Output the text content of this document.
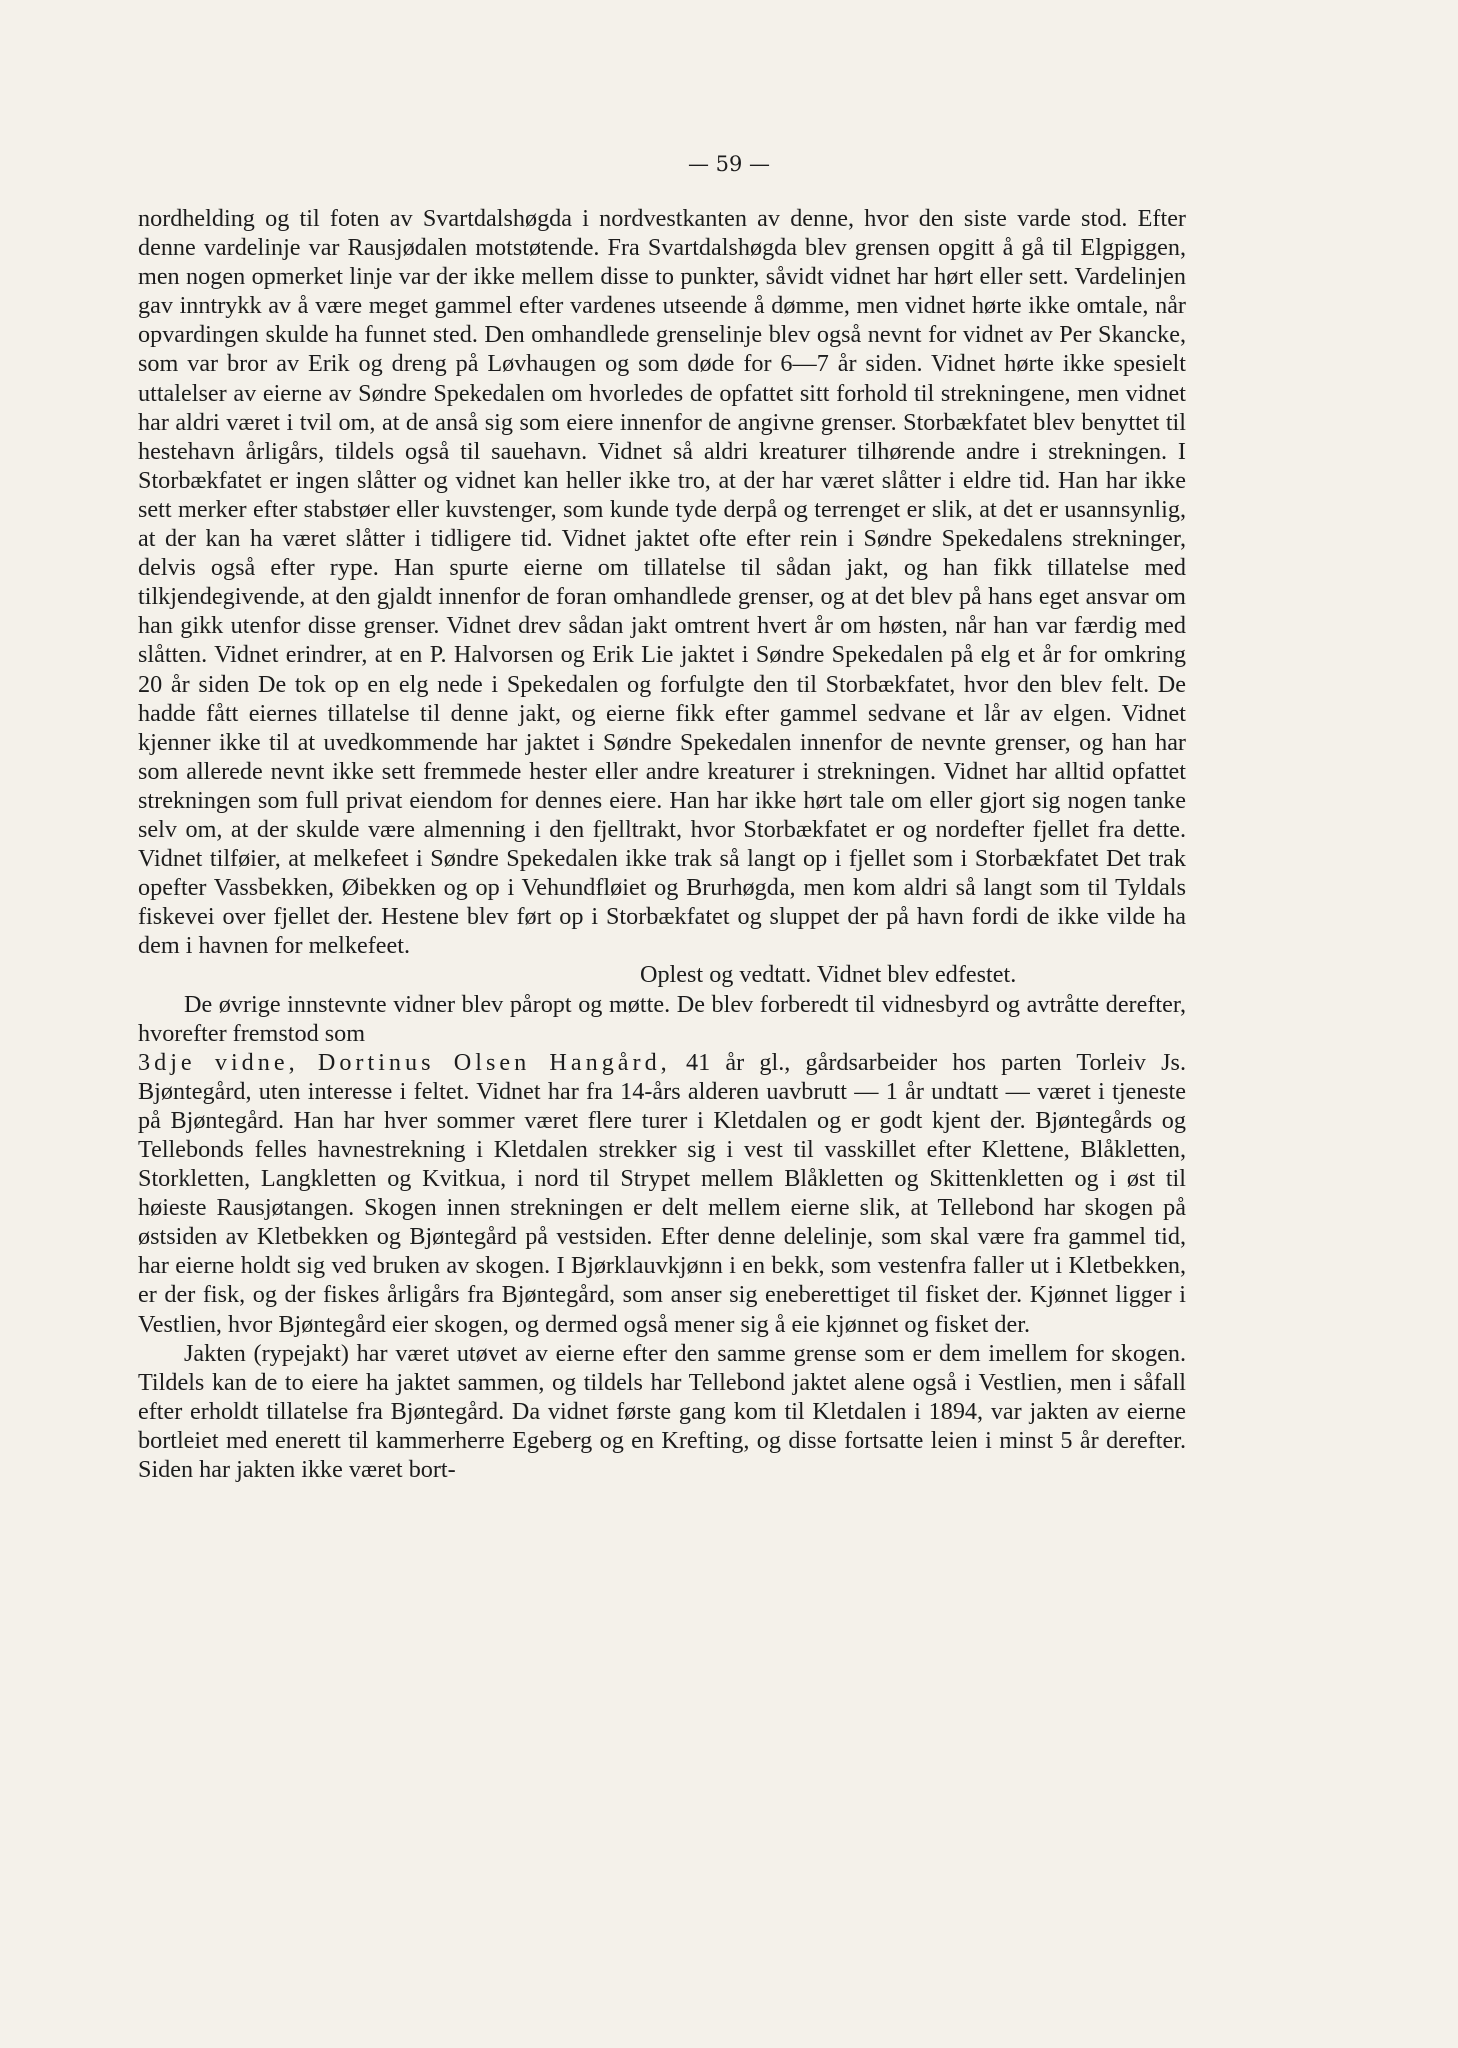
— 59 —

nordhelding og til foten av Svartdalshøgda i nordvestkanten av denne, hvor den siste varde stod. Efter denne vardelinje var Rausjødalen motstøtende. Fra Svartdalshøgda blev grensen opgitt å gå til Elgpiggen, men nogen opmerket linje var der ikke mellem disse to punkter, såvidt vidnet har hørt eller sett. Vardelinjen gav inntrykk av å være meget gammel efter vardenes utseende å dømme, men vidnet hørte ikke omtale, når opvardingen skulde ha funnet sted. Den omhandlede grenselinje blev også nevnt for vidnet av Per Skancke, som var bror av Erik og dreng på Løvhaugen og som døde for 6—7 år siden. Vidnet hørte ikke spesielt uttalelser av eierne av Søndre Spekedalen om hvorledes de opfattet sitt forhold til strekningene, men vidnet har aldri været i tvil om, at de anså sig som eiere innenfor de angivne grenser. Storbækfatet blev benyttet til hestehavn årligårs, tildels også til sauehavn. Vidnet så aldri kreaturer tilhørende andre i strekningen. I Storbækfatet er ingen slåtter og vidnet kan heller ikke tro, at der har været slåtter i eldre tid. Han har ikke sett merker efter stabstøer eller kuvstenger, som kunde tyde derpå og terrenget er slik, at det er usannsynlig, at der kan ha været slåtter i tidligere tid. Vidnet jaktet ofte efter rein i Søndre Spekedalens strekninger, delvis også efter rype. Han spurte eierne om tillatelse til sådan jakt, og han fikk tillatelse med tilkjendegivende, at den gjaldt innenfor de foran omhandlede grenser, og at det blev på hans eget ansvar om han gikk utenfor disse grenser. Vidnet drev sådan jakt omtrent hvert år om høsten, når han var færdig med slåtten. Vidnet erindrer, at en P. Halvorsen og Erik Lie jaktet i Søndre Spekedalen på elg et år for omkring 20 år siden De tok op en elg nede i Spekedalen og forfulgte den til Storbækfatet, hvor den blev felt. De hadde fått eiernes tillatelse til denne jakt, og eierne fikk efter gammel sedvane et lår av elgen. Vidnet kjenner ikke til at uvedkommende har jaktet i Søndre Spekedalen innenfor de nevnte grenser, og han har som allerede nevnt ikke sett fremmede hester eller andre kreaturer i strekningen. Vidnet har alltid opfattet strekningen som full privat eiendom for dennes eiere. Han har ikke hørt tale om eller gjort sig nogen tanke selv om, at der skulde være almenning i den fjelltrakt, hvor Storbækfatet er og nordefter fjellet fra dette. Vidnet tilføier, at melkefeet i Søndre Spekedalen ikke trak så langt op i fjellet som i Storbækfatet Det trak opefter Vassbekken, Øibekken og op i Vehundfløiet og Brurhøgda, men kom aldri så langt som til Tyldals fiskevei over fjellet der. Hestene blev ført op i Storbækfatet og sluppet der på havn fordi de ikke vilde ha dem i havnen for melkefeet.

Oplest og vedtatt. Vidnet blev edfestet.

De øvrige innstevnte vidner blev påropt og møtte. De blev forberedt til vidnesbyrd og avtråtte derefter, hvorefter fremstod som

3dje vidne, Dortinus Olsen Hangård, 41 år gl., gårdsarbeider hos parten Torleiv Js. Bjøntegård, uten interesse i feltet. Vidnet har fra 14-års alderen uavbrutt — 1 år undtatt — været i tjeneste på Bjøntegård. Han har hver sommer været flere turer i Kletdalen og er godt kjent der. Bjøntegårds og Tellebonds felles havnestrekning i Kletdalen strekker sig i vest til vasskillet efter Klettene, Blåkletten, Storkletten, Langkletten og Kvitkua, i nord til Strypet mellem Blåkletten og Skittenkletten og i øst til høieste Rausjøtangen. Skogen innen strekningen er delt mellem eierne slik, at Tellebond har skogen på østsiden av Kletbekken og Bjøntegård på vestsiden. Efter denne delelinje, som skal være fra gammel tid, har eierne holdt sig ved bruken av skogen. I Bjørklauvkjønn i en bekk, som vestenfra faller ut i Kletbekken, er der fisk, og der fiskes årligårs fra Bjøntegård, som anser sig eneberettiget til fisket der. Kjønnet ligger i Vestlien, hvor Bjøntegård eier skogen, og dermed også mener sig å eie kjønnet og fisket der.

Jakten (rypejakt) har været utøvet av eierne efter den samme grense som er dem imellem for skogen. Tildels kan de to eiere ha jaktet sammen, og tildels har Tellebond jaktet alene også i Vestlien, men i såfall efter erholdt tillatelse fra Bjøntegård. Da vidnet første gang kom til Kletdalen i 1894, var jakten av eierne bortleiet med enerett til kammerherre Egeberg og en Krefting, og disse fortsatte leien i minst 5 år derefter. Siden har jakten ikke været bort-
